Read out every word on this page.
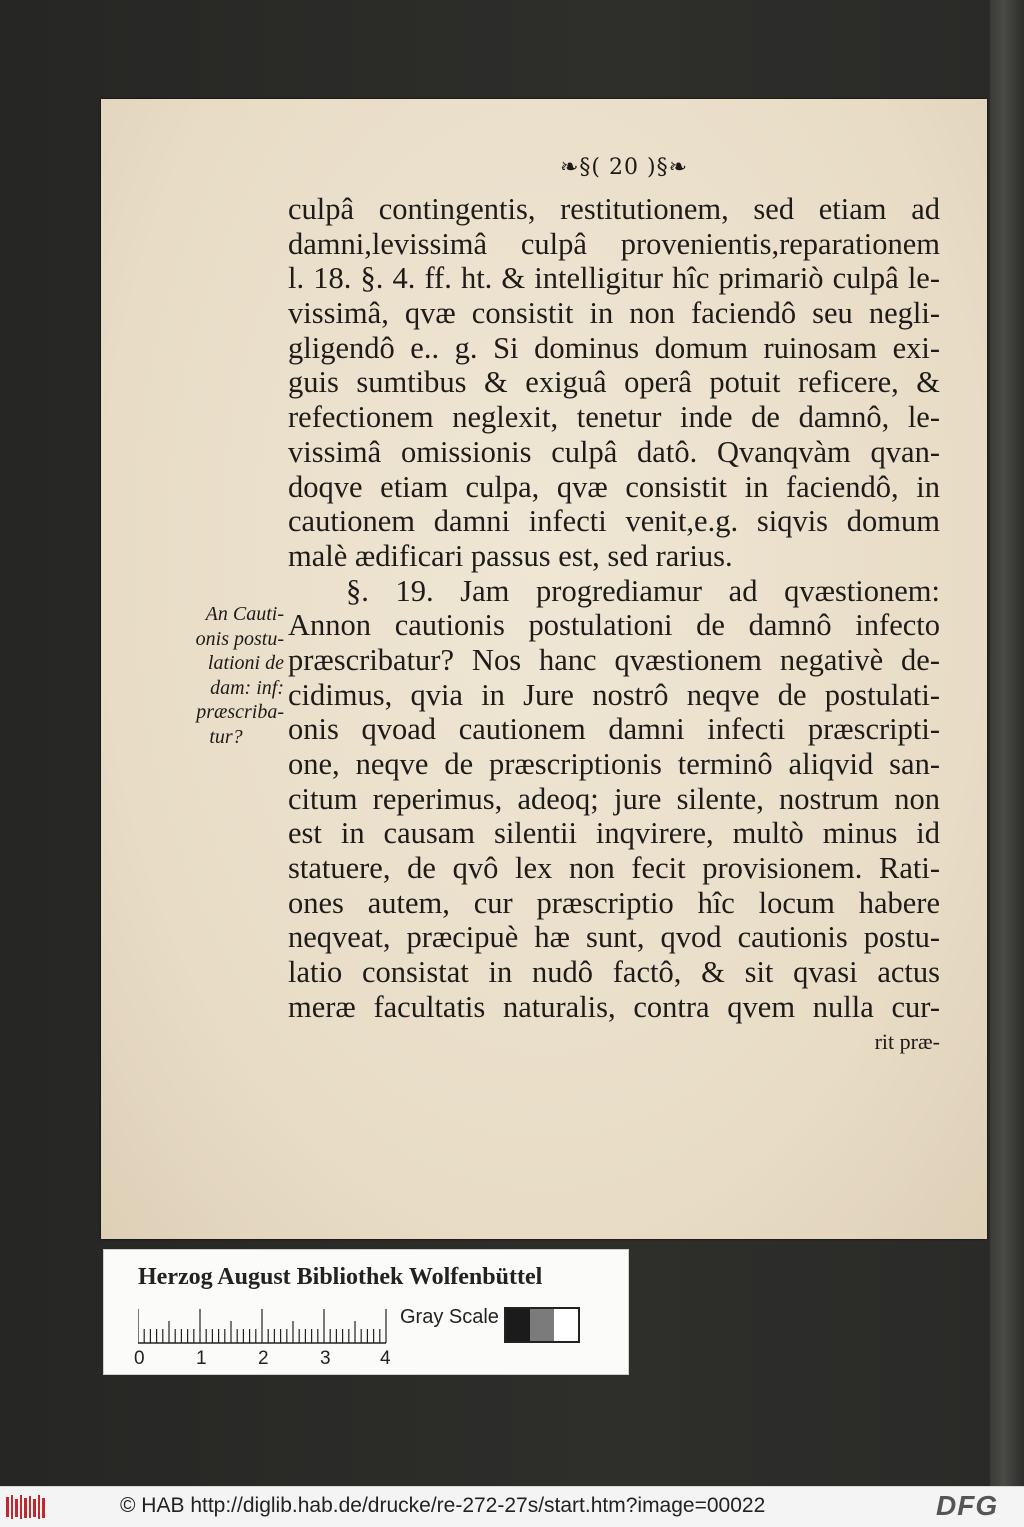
❧§( 20 )§❧
An Cauti-
onis postu-
lationi de
dam: inf:
præscriba-
tur?
culpâ contingentis, restitutionem, sed etiam ad
damni,levissimâ culpâ provenientis,reparationem
l. 18. §. 4. ff. ht. & intelligitur hîc primariò culpâ le-
vissimâ, qvæ consistit in non faciendô seu negli-
gligendô e.. g. Si dominus domum ruinosam exi-
guis sumtibus & exiguâ operâ potuit reficere, &
refectionem neglexit, tenetur inde de damnô, le-
vissimâ omissionis culpâ datô. Qvanqvàm qvan-
doqve etiam culpa, qvæ consistit in faciendô, in
cautionem damni infecti venit,e.g. siqvis domum
malè ædificari passus est, sed rarius.
§. 19. Jam progrediamur ad qvæstionem:
Annon cautionis postulationi de damnô infecto
præscribatur? Nos hanc qvæstionem negativè de-
cidimus, qvia in Jure nostrô neqve de postulati-
onis qvoad cautionem damni infecti præscripti-
one, neqve de præscriptionis terminô aliqvid san-
citum reperimus, adeoq; jure silente, nostrum non
est in causam silentii inqvirere, multò minus id
statuere, de qvô lex non fecit provisionem. Rati-
ones autem, cur præscriptio hîc locum habere
neqveat, præcipuè hæ sunt, qvod cautionis postu-
latio consistat in nudô factô, & sit qvasi actus
meræ facultatis naturalis, contra qvem nulla cur-
rit præ-
Herzog August Bibliothek Wolfenbüttel
Gray Scale
0	1	2	3	4
© HAB http://diglib.hab.de/drucke/re-272-27s/start.htm?image=00022	DFG
